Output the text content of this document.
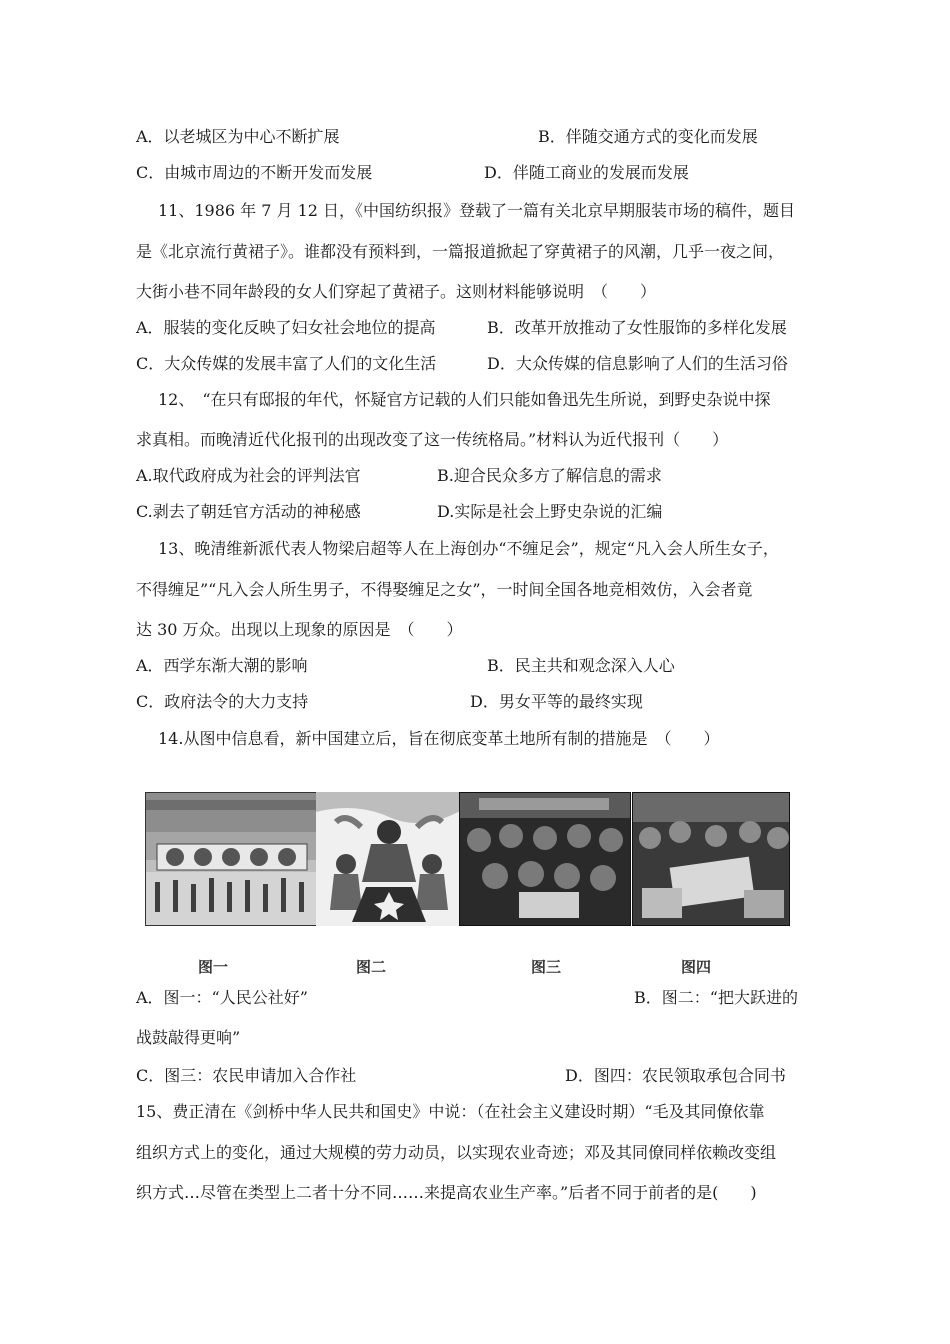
A．以老城区为中心不断扩展	B．伴随交通方式的变化而发展
C．由城市周边的不断开发而发展	D．伴随工商业的发展而发展
11、1986 年 7 月 12 日，《中国纺织报》登载了一篇有关北京早期服装市场的稿件，题目
是《北京流行黄裙子》。谁都没有预料到，一篇报道掀起了穿黄裙子的风潮，几乎一夜之间，
大街小巷不同年龄段的女人们穿起了黄裙子。这则材料能够说明　（　　）
A．服装的变化反映了妇女社会地位的提高	B．改革开放推动了女性服饰的多样化发展
C．大众传媒的发展丰富了人们的文化生活	D．大众传媒的信息影响了人们的生活习俗
12、　“在只有邸报的年代，怀疑官方记载的人们只能如鲁迅先生所说，到野史杂说中探
求真相。而晚清近代化报刊的出现改变了这一传统格局。”材料认为近代报刊（　　）
A.取代政府成为社会的评判法官	B.迎合民众多方了解信息的需求
C.剥去了朝廷官方活动的神秘感	D.实际是社会上野史杂说的汇编
13、晚清维新派代表人物梁启超等人在上海创办“不缠足会”，规定“凡入会人所生女子，
不得缠足”“凡入会人所生男子，不得娶缠足之女”，一时间全国各地竞相效仿，入会者竟
达 30 万众。出现以上现象的原因是　（　　）
A．西学东渐大潮的影响	B．民主共和观念深入人心
C．政府法令的大力支持	D．男女平等的最终实现
14.从图中信息看，新中国建立后，旨在彻底变革土地所有制的措施是　（　　）
图一	图二	图三	图四
A．图一：“人民公社好”	B．图二：“把大跃进的
战鼓敲得更响”
C．图三：农民申请加入合作社	D．图四：农民领取承包合同书
15、费正清在《剑桥中华人民共和国史》中说：（在社会主义建设时期）“毛及其同僚依靠
组织方式上的变化，通过大规模的劳力动员，以实现农业奇迹；邓及其同僚同样依赖改变组
织方式…尽管在类型上二者十分不同……来提高农业生产率。”后者不同于前者的是(　　)
